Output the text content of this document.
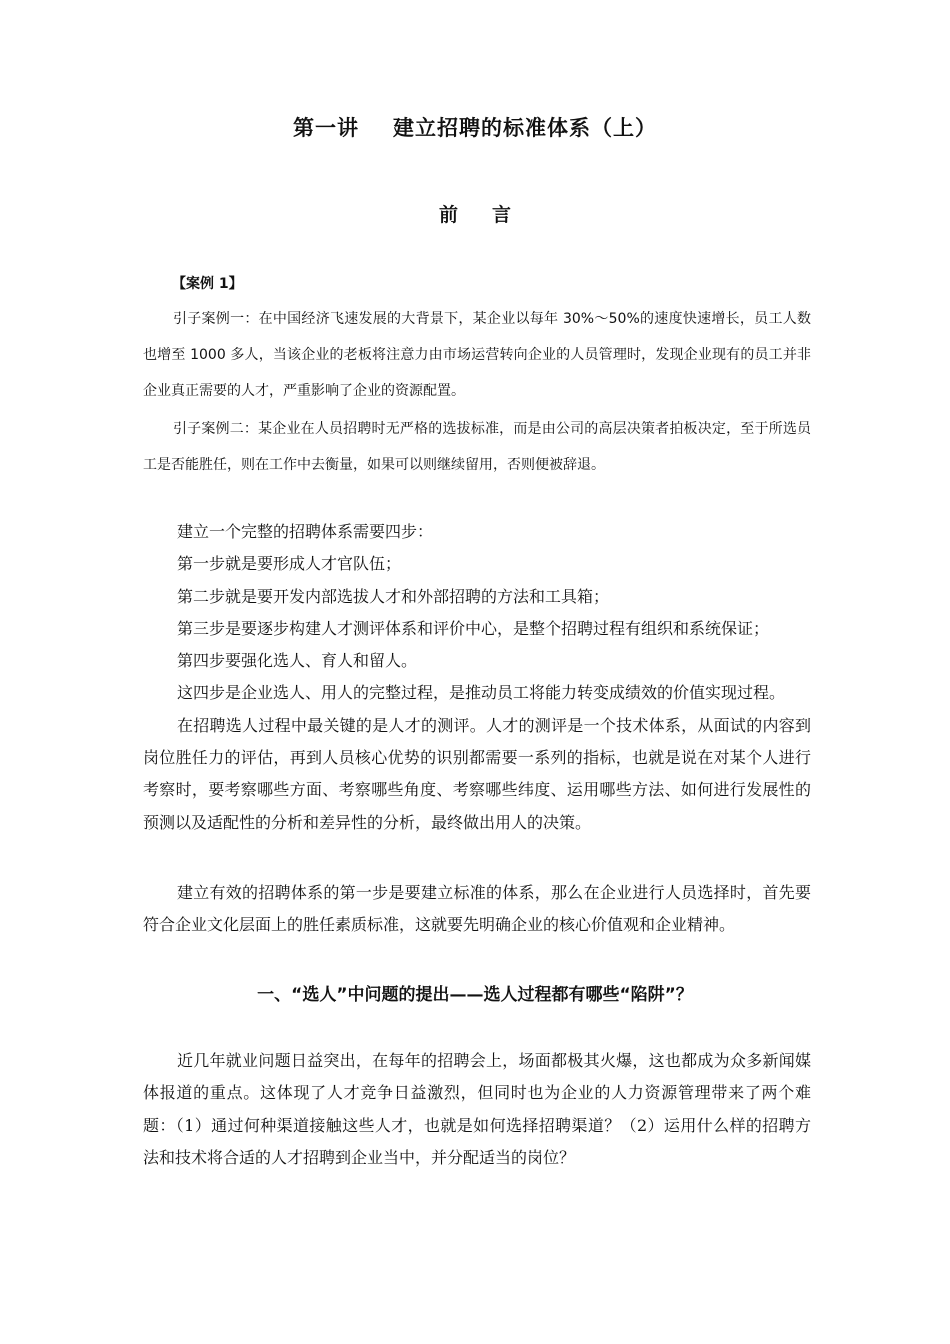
第一讲 建立招聘的标准体系（上）
前 言
【案例 1】
引子案例一：在中国经济飞速发展的大背景下，某企业以每年 30%～50%的速度快速增长，员工人数也增至 1000 多人，当该企业的老板将注意力由市场运营转向企业的人员管理时，发现企业现有的员工并非企业真正需要的人才，严重影响了企业的资源配置。
引子案例二：某企业在人员招聘时无严格的选拔标准，而是由公司的高层决策者拍板决定，至于所选员工是否能胜任，则在工作中去衡量，如果可以则继续留用，否则便被辞退。

建立一个完整的招聘体系需要四步：

第一步就是要形成人才官队伍；

第二步就是要开发内部选拔人才和外部招聘的方法和工具箱；

第三步是要逐步构建人才测评体系和评价中心，是整个招聘过程有组织和系统保证；

第四步要强化选人、育人和留人。

这四步是企业选人、用人的完整过程，是推动员工将能力转变成绩效的价值实现过程。

在招聘选人过程中最关键的是人才的测评。人才的测评是一个技术体系，从面试的内容到岗位胜任力的评估，再到人员核心优势的识别都需要一系列的指标，也就是说在对某个人进行考察时，要考察哪些方面、考察哪些角度、考察哪些纬度、运用哪些方法、如何进行发展性的预测以及适配性的分析和差异性的分析，最终做出用人的决策。

建立有效的招聘体系的第一步是要建立标准的体系，那么在企业进行人员选择时，首先要符合企业文化层面上的胜任素质标准，这就要先明确企业的核心价值观和企业精神。

一、“选人”中问题的提出——选人过程都有哪些“陷阱”？

近几年就业问题日益突出，在每年的招聘会上，场面都极其火爆，这也都成为众多新闻媒体报道的重点。这体现了人才竞争日益激烈，但同时也为企业的人力资源管理带来了两个难题：（1）通过何种渠道接触这些人才，也就是如何选择招聘渠道？（2）运用什么样的招聘方法和技术将合适的人才招聘到企业当中，并分配适当的岗位？
